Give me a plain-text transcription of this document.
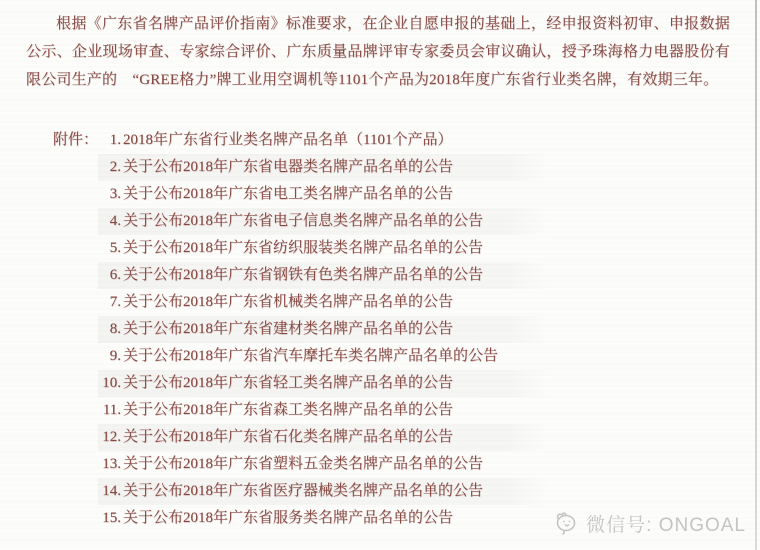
根据《广东省名牌产品评价指南》标准要求，在企业自愿申报的基础上，经申报资料初审、申报数据公示、企业现场审查、专家综合评价、广东质量品牌评审专家委员会审议确认，授予珠海格力电器股份有限公司生产的　“GREE格力”牌工业用空调机等1101个产品为2018年度广东省行业类名牌，有效期三年。

附件： 1. 2018年广东省行业类名牌产品名单（1101个产品）
2. 关于公布2018年广东省电器类名牌产品名单的公告
3. 关于公布2018年广东省电工类名牌产品名单的公告
4. 关于公布2018年广东省电子信息类名牌产品名单的公告
5. 关于公布2018年广东省纺织服装类名牌产品名单的公告
6. 关于公布2018年广东省钢铁有色类名牌产品名单的公告
7. 关于公布2018年广东省机械类名牌产品名单的公告
8. 关于公布2018年广东省建材类名牌产品名单的公告
9. 关于公布2018年广东省汽车摩托车类名牌产品名单的公告
10. 关于公布2018年广东省轻工类名牌产品名单的公告
11. 关于公布2018年广东省森工类名牌产品名单的公告
12. 关于公布2018年广东省石化类名牌产品名单的公告
13. 关于公布2018年广东省塑料五金类名牌产品名单的公告
14. 关于公布2018年广东省医疗器械类名牌产品名单的公告
15. 关于公布2018年广东省服务类名牌产品名单的公告	微信号: ONGOAL
